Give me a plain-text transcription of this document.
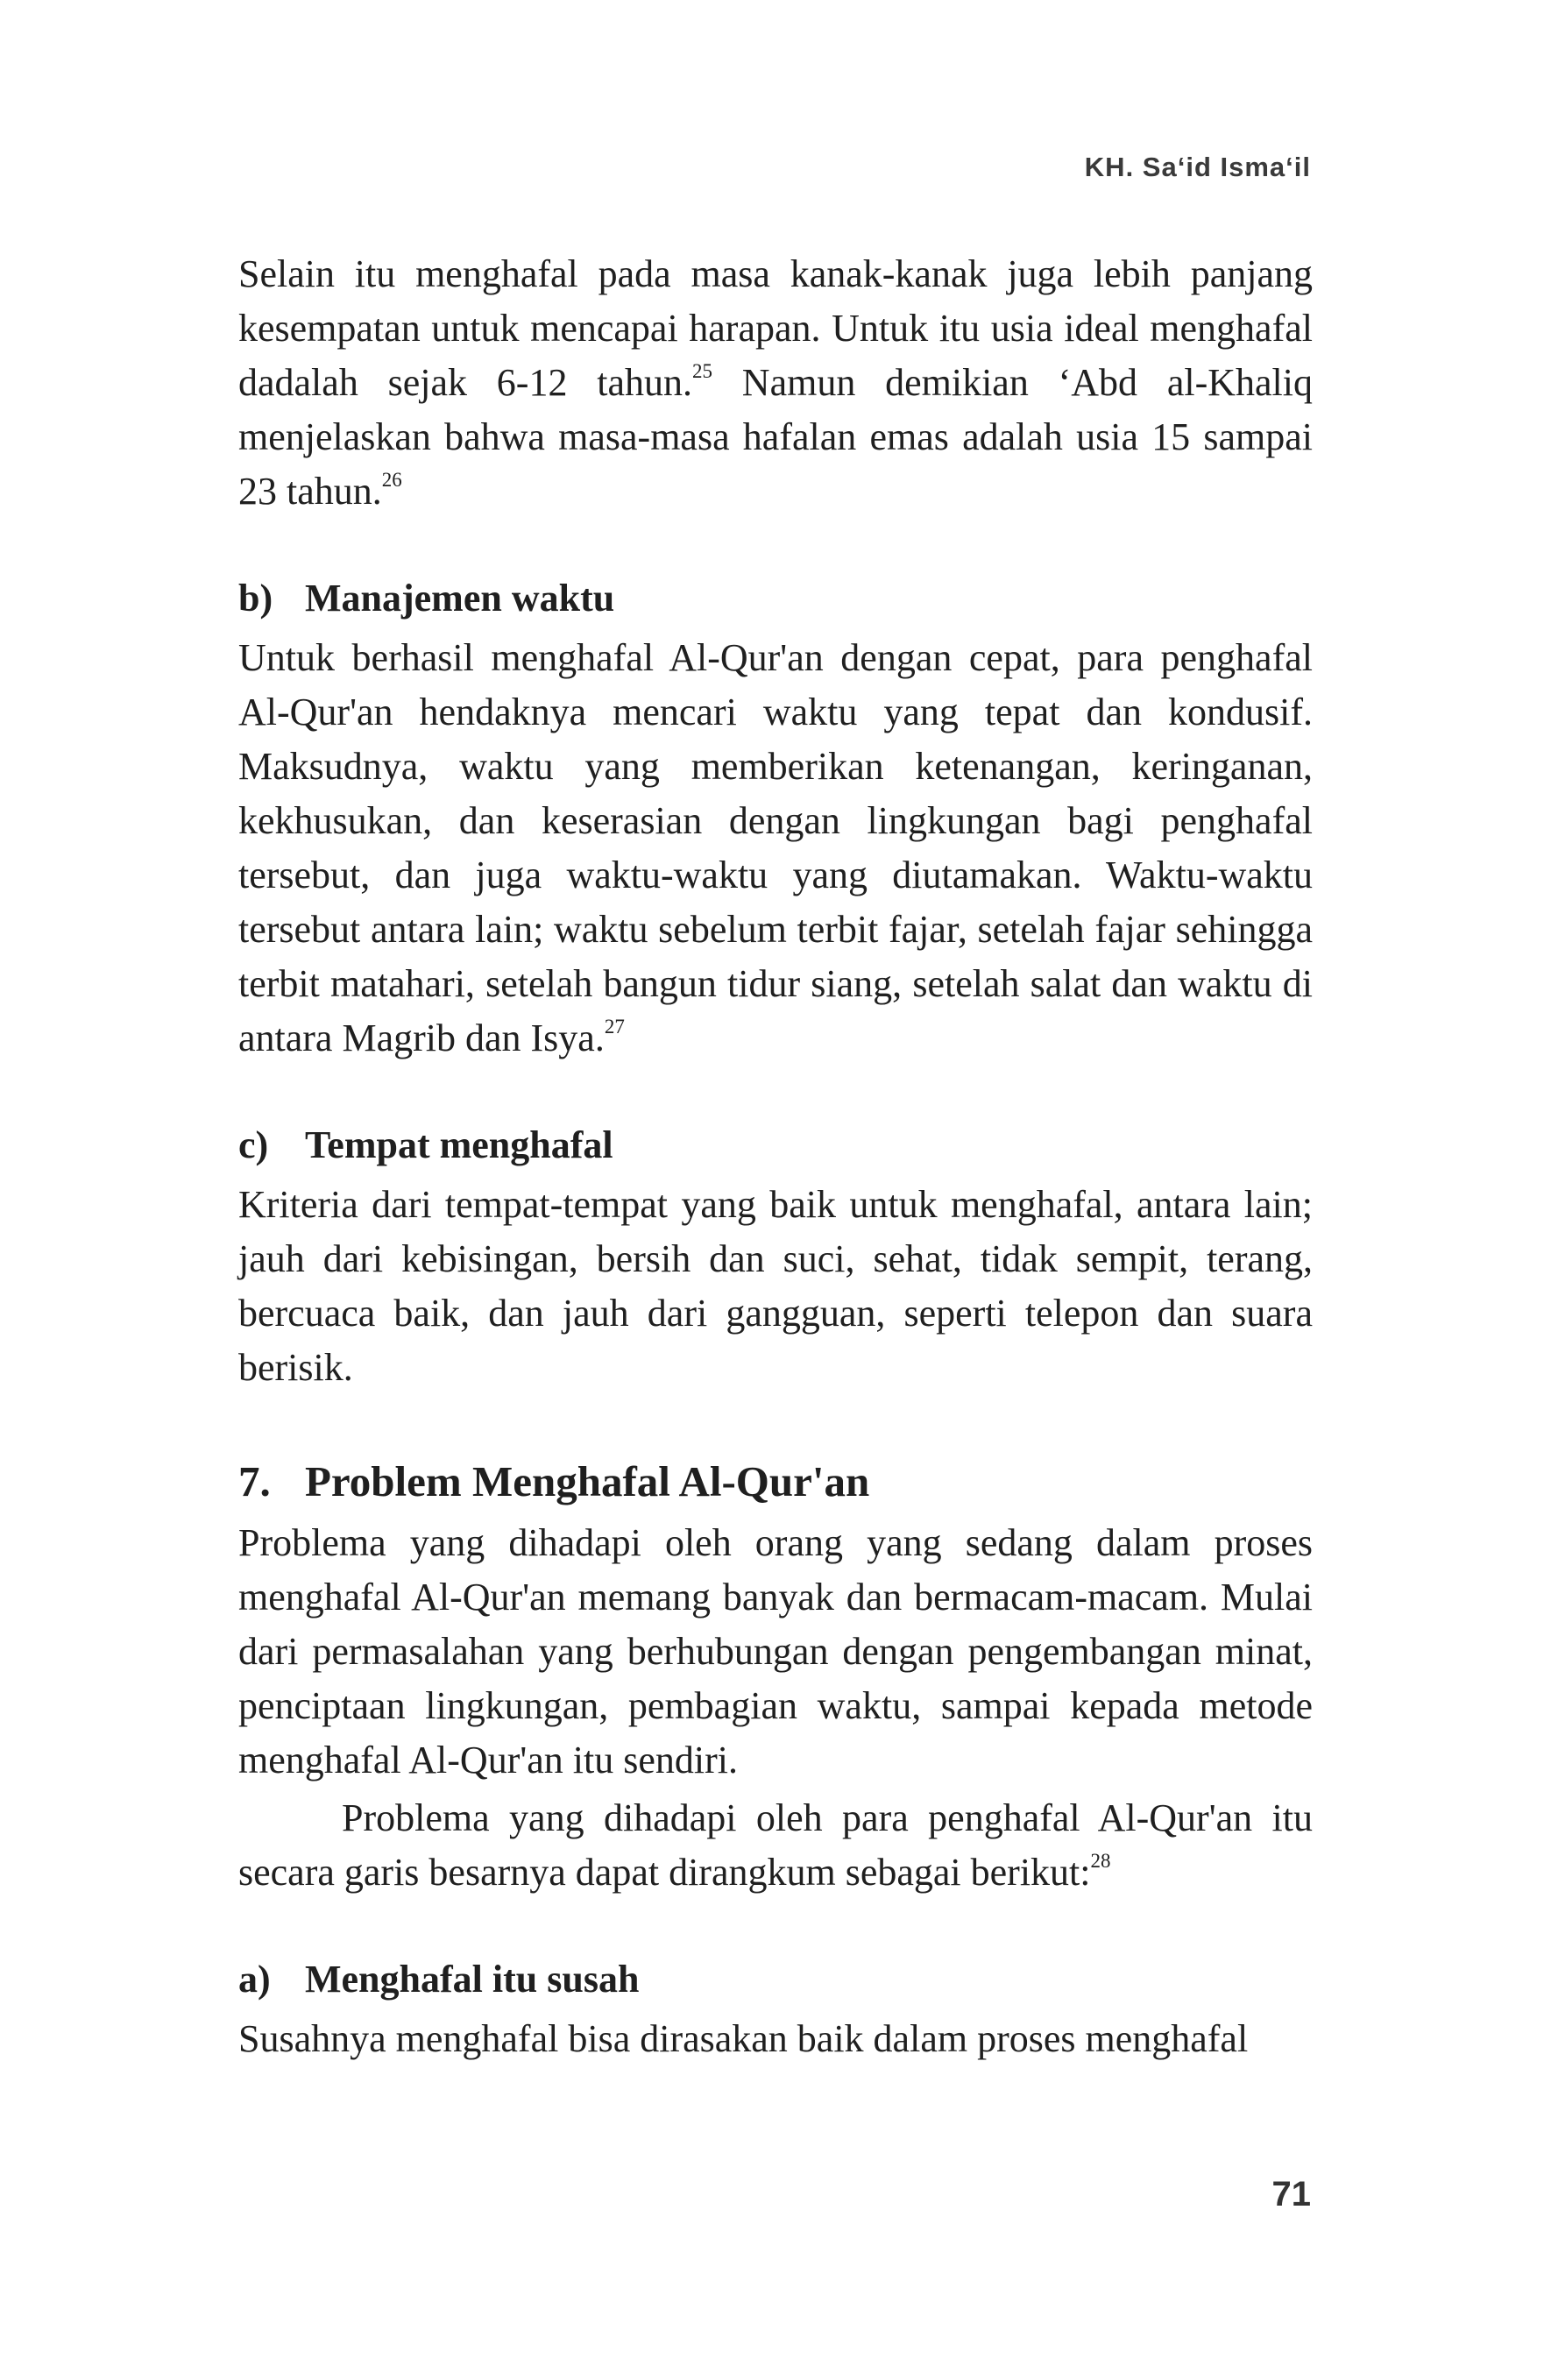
KH. Sa‘id Isma‘il

Selain itu menghafal pada masa kanak-kanak juga lebih panjang kesempatan untuk mencapai harapan. Untuk itu usia ideal menghafal dadalah sejak 6-12 tahun.$^{25}$ Namun demikian ‘Abd al-Khaliq menjelaskan bahwa masa-masa hafalan emas adalah usia 15 sampai 23 tahun.$^{26}$

b) Manajemen waktu

Untuk berhasil menghafal Al-Qur'an dengan cepat, para penghafal Al-Qur'an hendaknya mencari waktu yang tepat dan kondusif. Maksudnya, waktu yang memberikan ketenangan, keringanan, kekhusukan, dan keserasian dengan lingkungan bagi penghafal tersebut, dan juga waktu-waktu yang diutamakan. Waktu-waktu tersebut antara lain; waktu sebelum terbit fajar, setelah fajar sehingga terbit matahari, setelah bangun tidur siang, setelah salat dan waktu di antara Magrib dan Isya.$^{27}$

c) Tempat menghafal

Kriteria dari tempat-tempat yang baik untuk menghafal, antara lain; jauh dari kebisingan, bersih dan suci, sehat, tidak sempit, terang, bercuaca baik, dan jauh dari gangguan, seperti telepon dan suara berisik.

7. Problem Menghafal Al-Qur'an

Problema yang dihadapi oleh orang yang sedang dalam proses menghafal Al-Qur'an memang banyak dan bermacam-macam. Mulai dari permasalahan yang berhubungan dengan pengembangan minat, penciptaan lingkungan, pembagian waktu, sampai kepada metode menghafal Al-Qur'an itu sendiri.

Problema yang dihadapi oleh para penghafal Al-Qur'an itu secara garis besarnya dapat dirangkum sebagai berikut:$^{28}$

a) Menghafal itu susah

Susahnya menghafal bisa dirasakan baik dalam proses menghafal

71
